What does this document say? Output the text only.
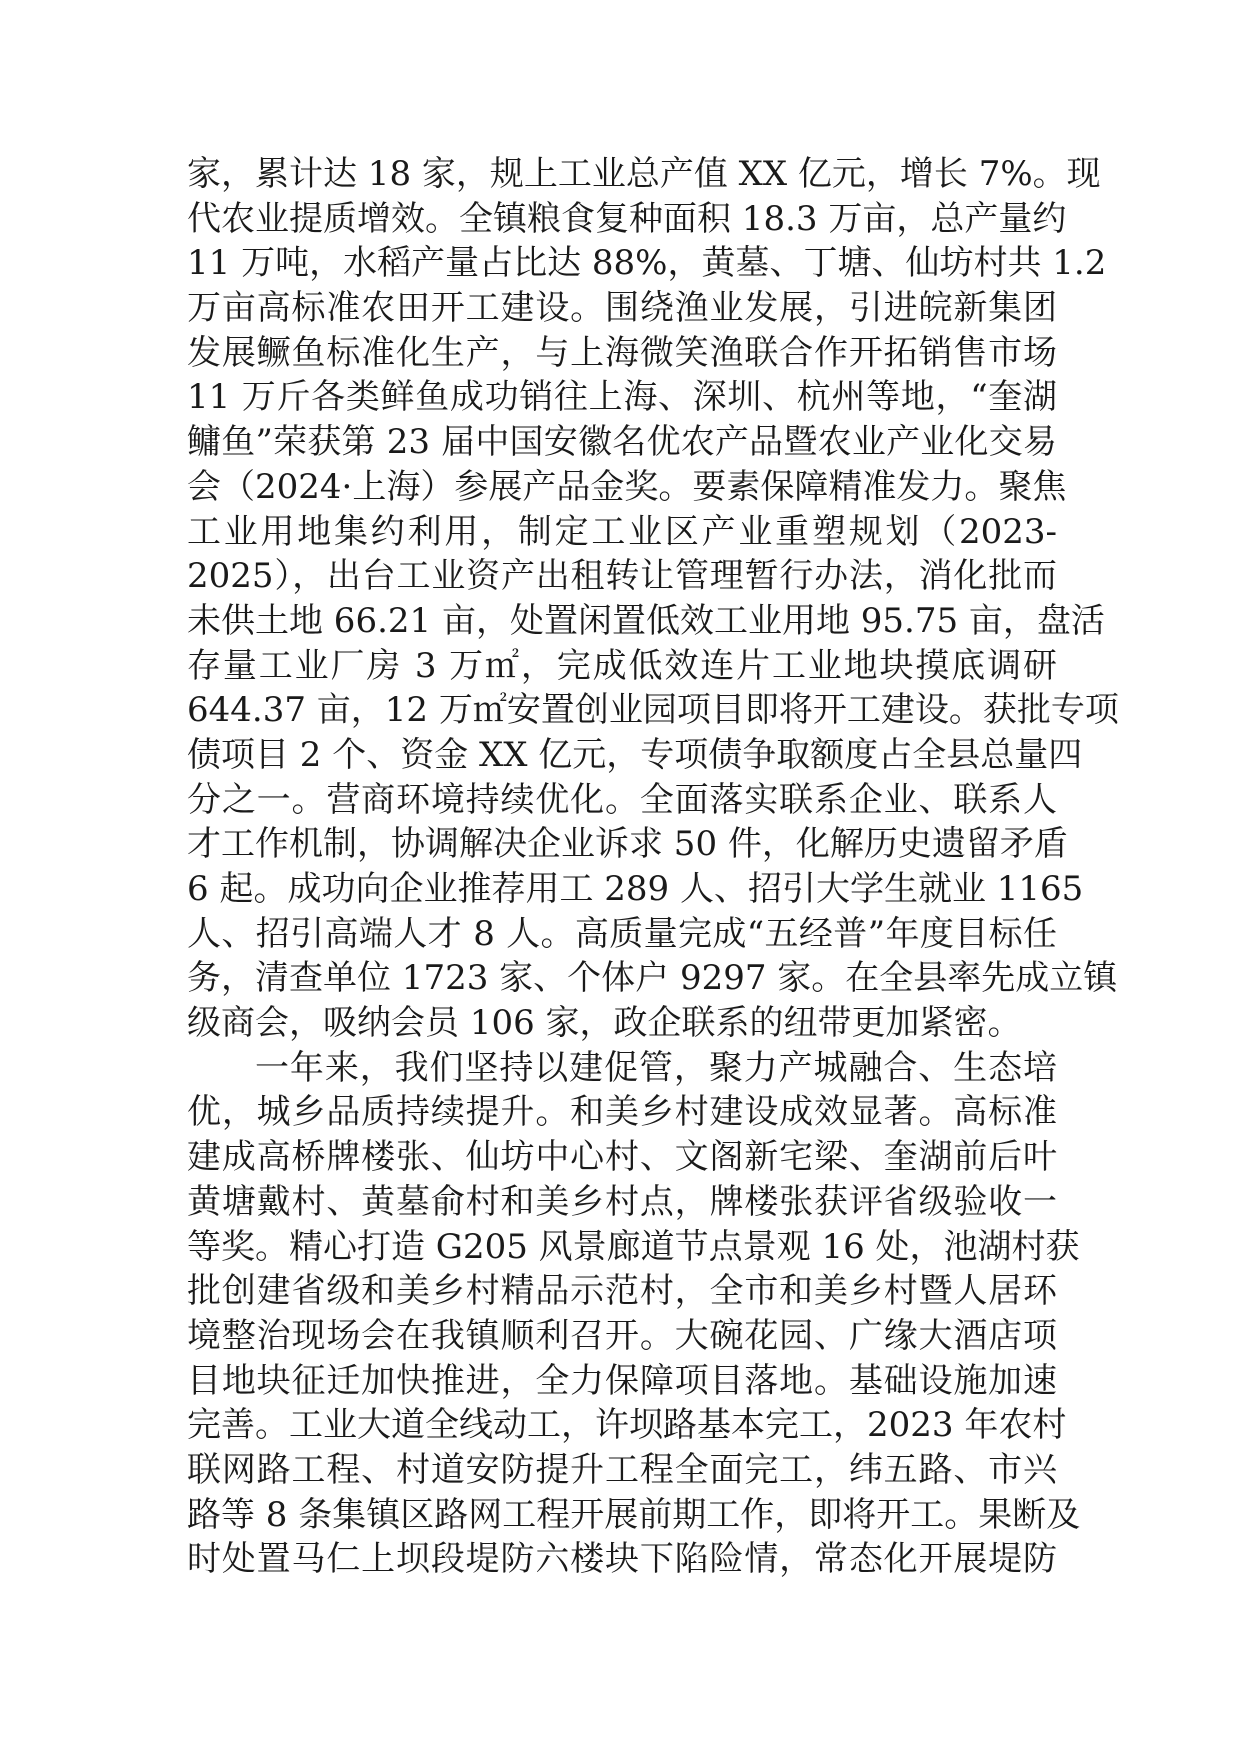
家，累计达 18 家，规上工业总产值 XX 亿元，增长 7%。现
代农业提质增效。全镇粮食复种面积 18.3 万亩，总产量约
11 万吨，水稻产量占比达 88%，黄墓、丁塘、仙坊村共 1.2
万亩高标准农田开工建设。围绕渔业发展，引进皖新集团
发展鳜鱼标准化生产，与上海微笑渔联合作开拓销售市场
11 万斤各类鲜鱼成功销往上海、深圳、杭州等地，“奎湖
鳙鱼”荣获第 23 届中国安徽名优农产品暨农业产业化交易
会（2024·上海）参展产品金奖。要素保障精准发力。聚焦
工业用地集约利用，制定工业区产业重塑规划（2023-
2025），出台工业资产出租转让管理暂行办法，消化批而
未供土地 66.21 亩，处置闲置低效工业用地 95.75 亩，盘活
存量工业厂房 3 万㎡，完成低效连片工业地块摸底调研
644.37 亩，12 万㎡安置创业园项目即将开工建设。获批专项
债项目 2 个、资金 XX 亿元，专项债争取额度占全县总量四
分之一。营商环境持续优化。全面落实联系企业、联系人
才工作机制，协调解决企业诉求 50 件，化解历史遗留矛盾
6 起。成功向企业推荐用工 289 人、招引大学生就业 1165
人、招引高端人才 8 人。高质量完成“五经普”年度目标任
务，清查单位 1723 家、个体户 9297 家。在全县率先成立镇
级商会，吸纳会员 106 家，政企联系的纽带更加紧密。
一年来，我们坚持以建促管，聚力产城融合、生态培
优，城乡品质持续提升。和美乡村建设成效显著。高标准
建成高桥牌楼张、仙坊中心村、文阁新宅梁、奎湖前后叶
黄塘戴村、黄墓俞村和美乡村点，牌楼张获评省级验收一
等奖。精心打造 G205 风景廊道节点景观 16 处，池湖村获
批创建省级和美乡村精品示范村，全市和美乡村暨人居环
境整治现场会在我镇顺利召开。大碗花园、广缘大酒店项
目地块征迁加快推进，全力保障项目落地。基础设施加速
完善。工业大道全线动工，许坝路基本完工，2023 年农村
联网路工程、村道安防提升工程全面完工，纬五路、市兴
路等 8 条集镇区路网工程开展前期工作，即将开工。果断及
时处置马仁上坝段堤防六楼块下陷险情，常态化开展堤防
